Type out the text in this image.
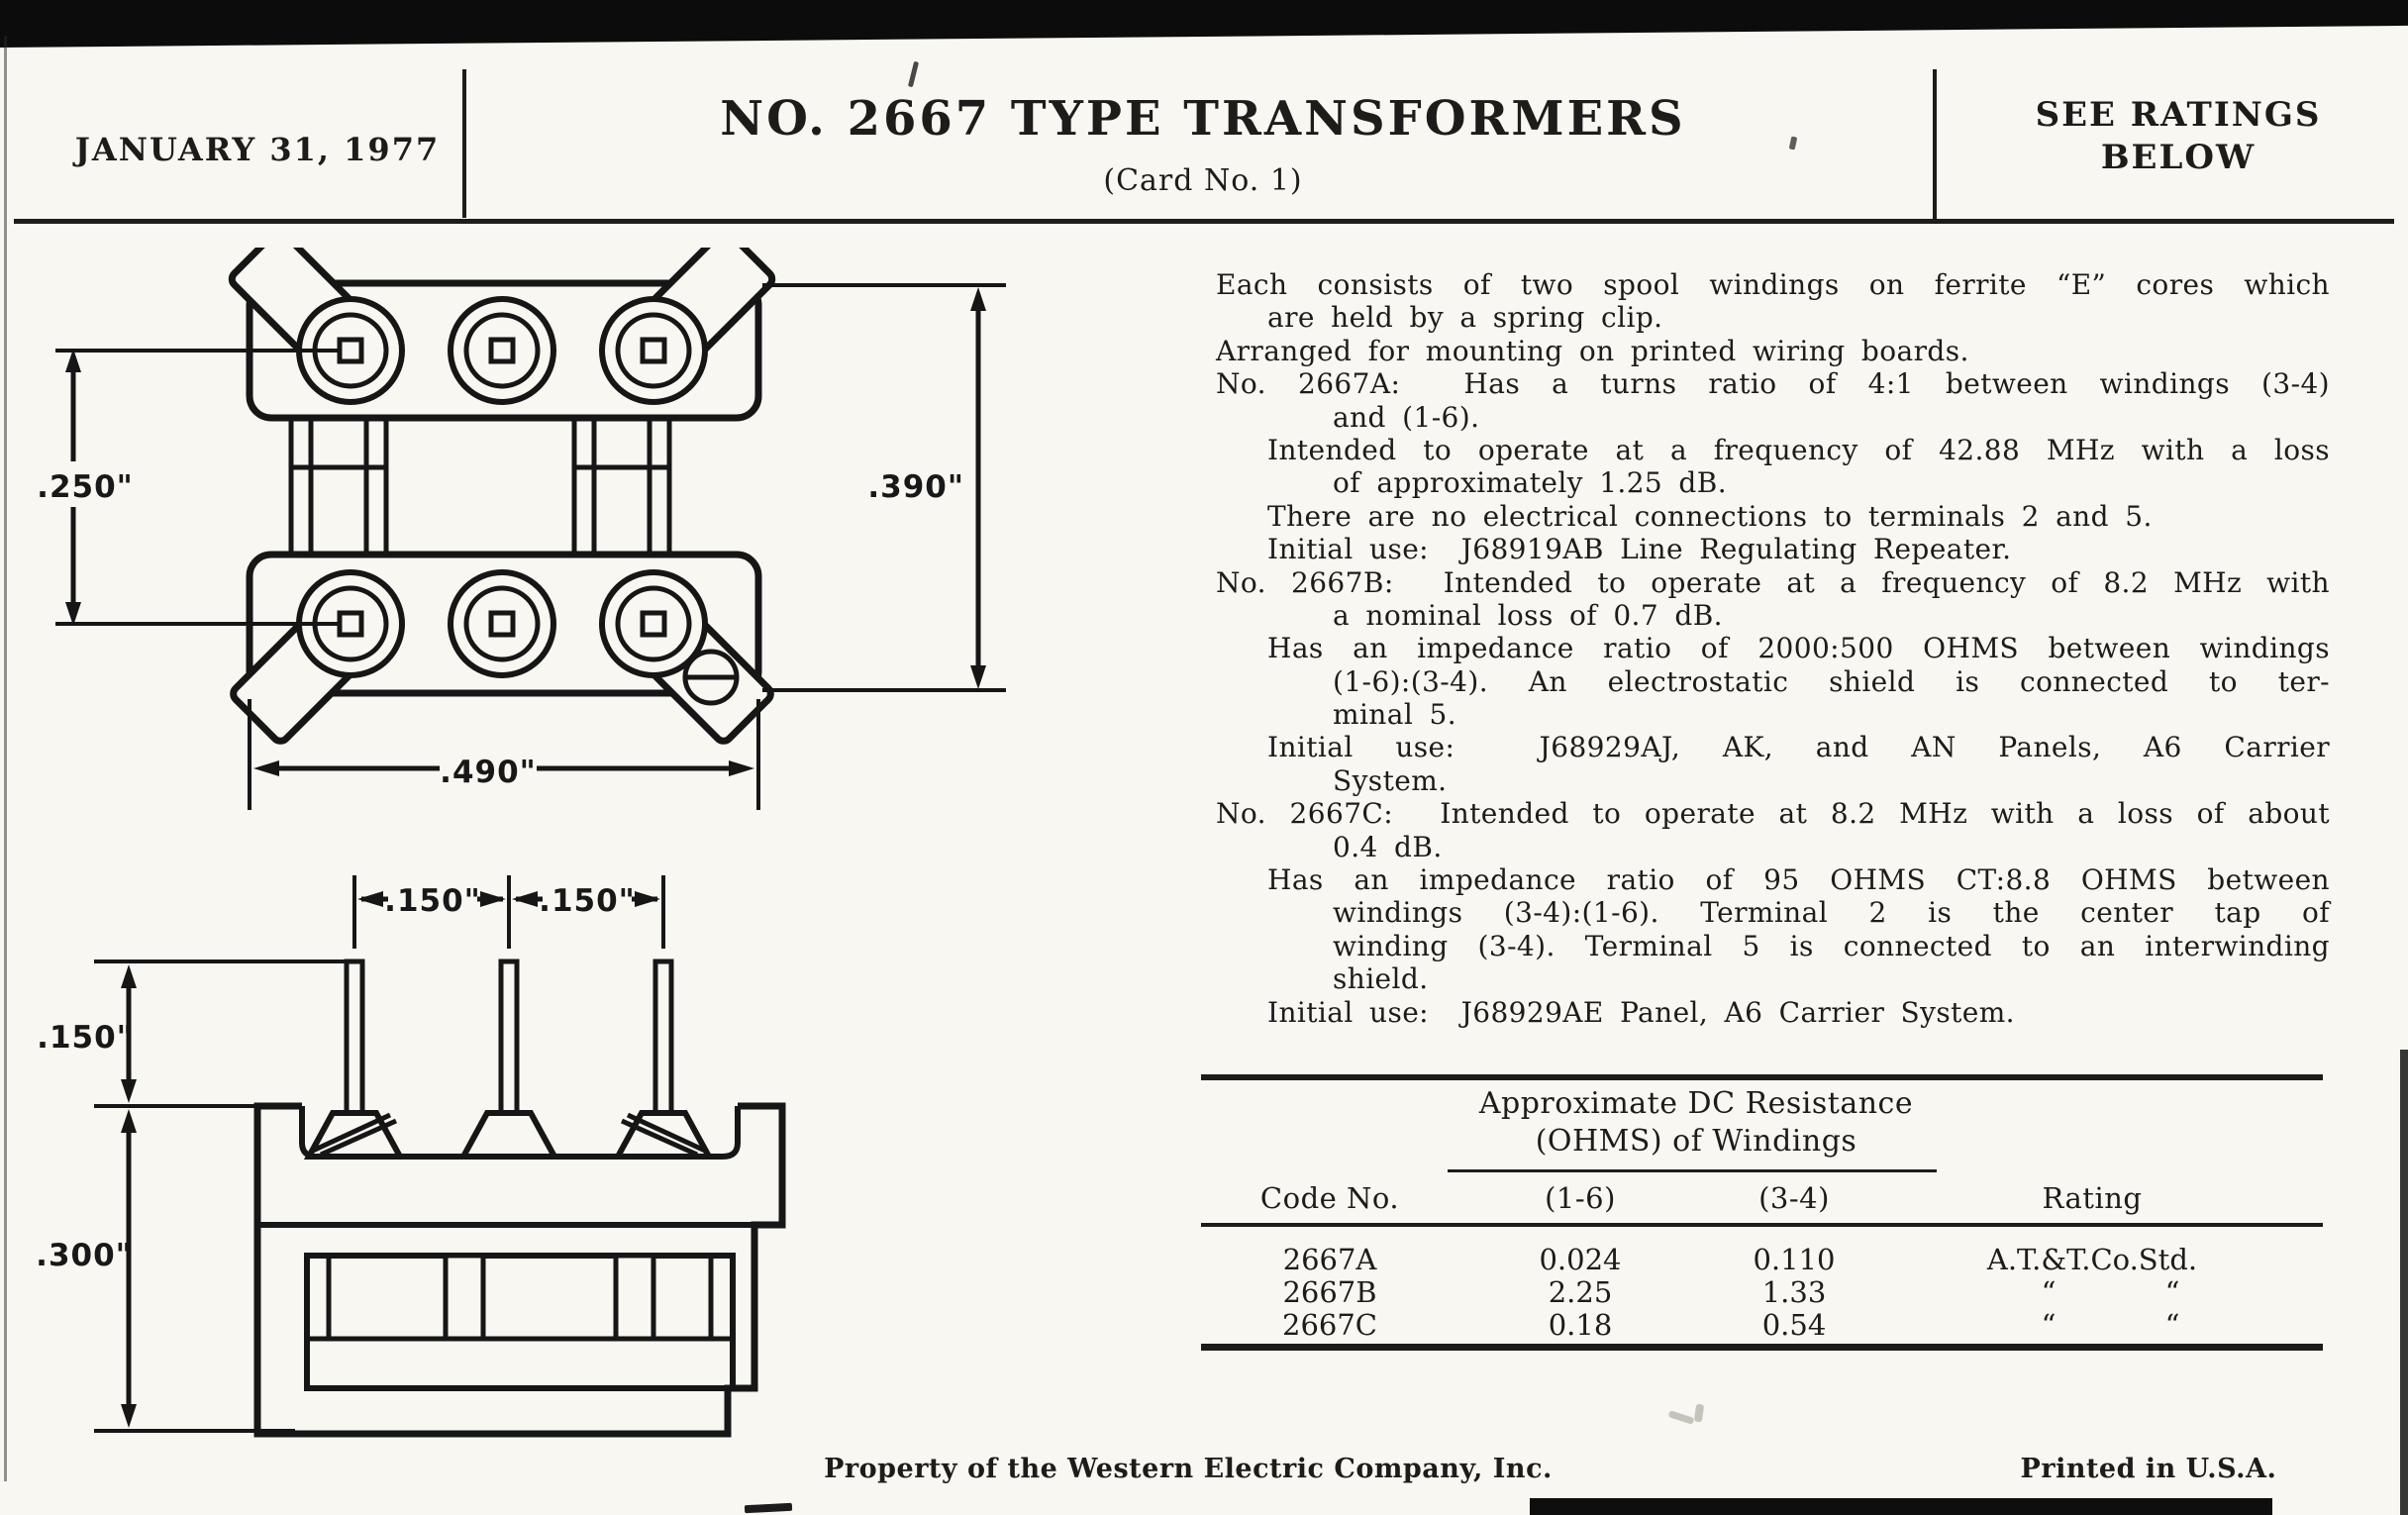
JANUARY 31, 1977
NO. 2667 TYPE TRANSFORMERS
(Card No. 1)
SEE RATINGS
BELOW
.250"	.390"
.490"
.150" .150"
.150"
.300"
Each consists of two spool windings on ferrite “E” cores which
are held by a spring clip.
Arranged for mounting on printed wiring boards.
No. 2667A:  Has a turns ratio of 4:1 between windings (3-4)
and (1-6).
Intended to operate at a frequency of 42.88 MHz with a loss
of approximately 1.25 dB.
There are no electrical connections to terminals 2 and 5.
Initial use:  J68919AB Line Regulating Repeater.
No. 2667B:  Intended to operate at a frequency of 8.2 MHz with
a nominal loss of 0.7 dB.
Has an impedance ratio of 2000:500 OHMS between windings
(1-6):(3-4). An electrostatic shield is connected to ter-
minal 5.
Initial use:  J68929AJ, AK, and AN Panels, A6 Carrier
System.
No. 2667C:  Intended to operate at 8.2 MHz with a loss of about
0.4 dB.
Has an impedance ratio of 95 OHMS CT:8.8 OHMS between
windings (3-4):(1-6). Terminal 2 is the center tap of
winding (3-4). Terminal 5 is connected to an interwinding
shield.
Initial use:  J68929AE Panel, A6 Carrier System.
Approximate DC Resistance
(OHMS) of Windings
Code No.	(1-6)	(3-4)	Rating
2667A	0.024	0.110	A.T.&T.Co.Std.
2667B	2.25	1.33	“	“
2667C	0.18	0.54	“	“
Property of the Western Electric Company, Inc.	Printed in U.S.A.
